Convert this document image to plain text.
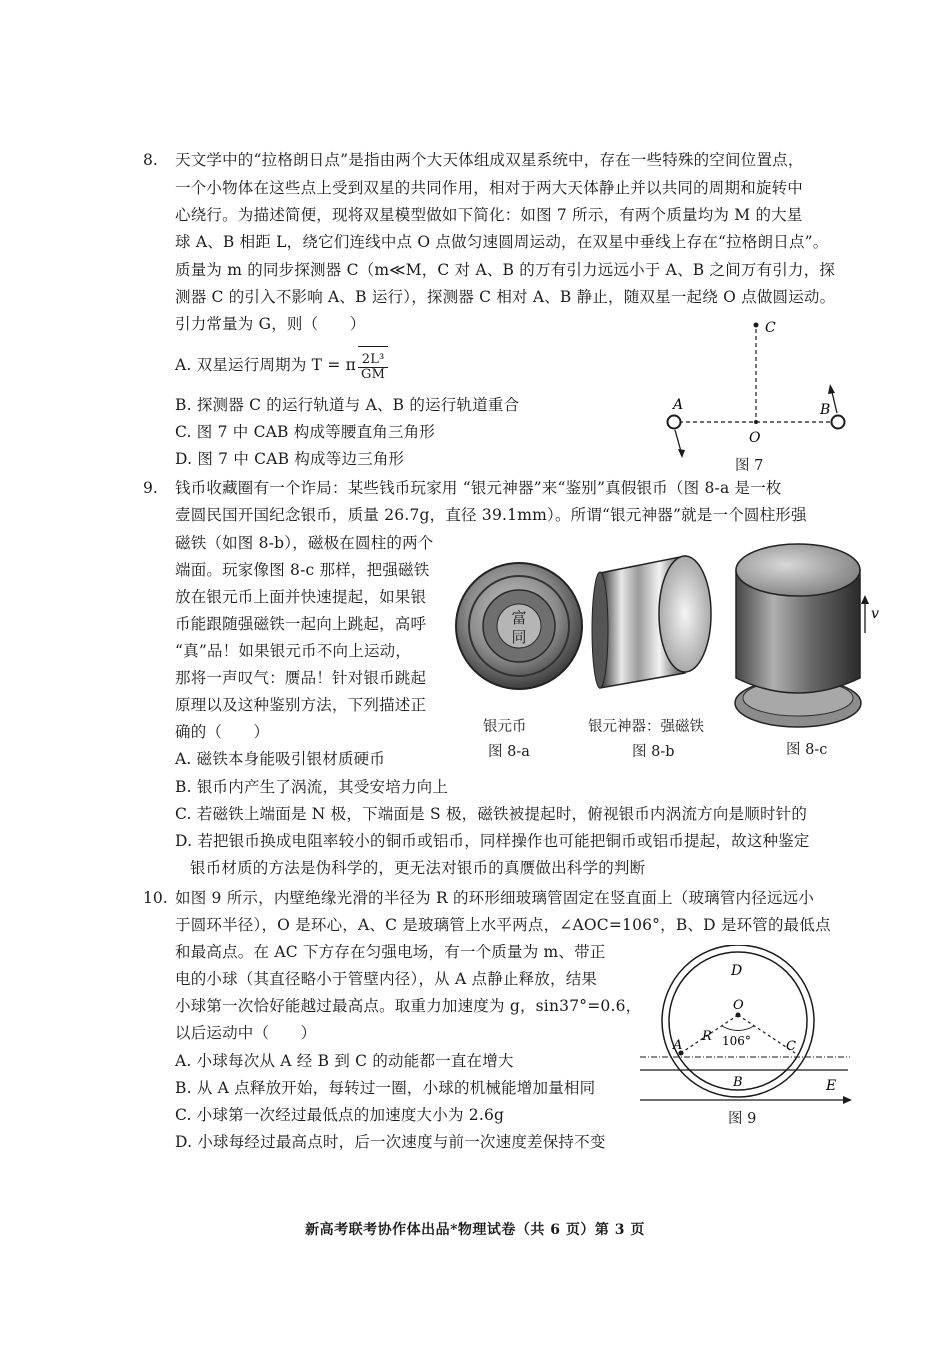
8. 天文学中的“拉格朗日点”是指由两个大天体组成双星系统中，存在一些特殊的空间位置点，
一个小物体在这些点上受到双星的共同作用，相对于两大天体静止并以共同的周期和旋转中
心绕行。为描述简便，现将双星模型做如下简化：如图 7 所示，有两个质量均为 M 的大星
球 A、B 相距 L，绕它们连线中点 O 点做匀速圆周运动，在双星中垂线上存在“拉格朗日点”。
质量为 m 的同步探测器 C（m≪M，C 对 A、B 的万有引力远远小于 A、B 之间万有引力，探
测器 C 的引入不影响 A、B 运行），探测器 C 相对 A、B 静止，随双星一起绕 O 点做圆运动。
引力常量为 G，则（　　）
A. 双星运行周期为 T = π $\frac{\text{2L³}}{GM}$
B. 探测器 C 的运行轨道与 A、B 的运行轨道重合
C. 图 7 中 CAB 构成等腰直角三角形
D. 图 7 中 CAB 构成等边三角形
C
O
A	B
图 7
9. 钱币收藏圈有一个诈局：某些钱币玩家用 “银元神器”来“鉴别”真假银币（图 8-a 是一枚
壹圆民国开国纪念银币，质量 26.7g，直径 39.1mm）。所谓“银元神器”就是一个圆柱形强
磁铁（如图 8-b），磁极在圆柱的两个
端面。玩家像图 8-c 那样，把强磁铁
放在银元币上面并快速提起，如果银
币能跟随强磁铁一起向上跳起，高呼
“真”品！如果银元币不向上运动，
那将一声叹气：赝品！针对银币跳起
原理以及这种鉴别方法，下列描述正
确的（　　）
A. 磁铁本身能吸引银材质硬币
B. 银币内产生了涡流，其受安培力向上
C. 若磁铁上端面是 N 极，下端面是 S 极，磁铁被提起时，俯视银币内涡流方向是顺时针的
D. 若把银币换成电阻率较小的铜币或铝币，同样操作也可能把铜币或铝币提起，故这种鉴定
银币材质的方法是伪科学的，更无法对银币的真赝做出科学的判断
富
同
银元币
图 8-a
银元神器：强磁铁
图 8-b
v
图 8-c
10. 如图 9 所示，内壁绝缘光滑的半径为 R 的环形细玻璃管固定在竖直面上（玻璃管内径远远小
于圆环半径），O 是环心，A、C 是玻璃管上水平两点，∠AOC=106°，B、D 是环管的最低点
和最高点。在 AC 下方存在匀强电场，有一个质量为 m、带正
电的小球（其直径略小于管壁内径），从 A 点静止释放，结果
小球第一次恰好能越过最高点。取重力加速度为 g，sin37°=0.6，
以后运动中（　　）
A. 小球每次从 A 经 B 到 C 的动能都一直在增大
B. 从 A 点释放开始，每转过一圈，小球的机械能增加量相同
C. 小球第一次经过最低点的加速度大小为 2.6g
D. 小球每经过最高点时，后一次速度与前一次速度差保持不变
D
O
R 106°
A	C
B	E
图 9
新高考联考协作体出品*物理试卷（共 6 页）第 3 页
